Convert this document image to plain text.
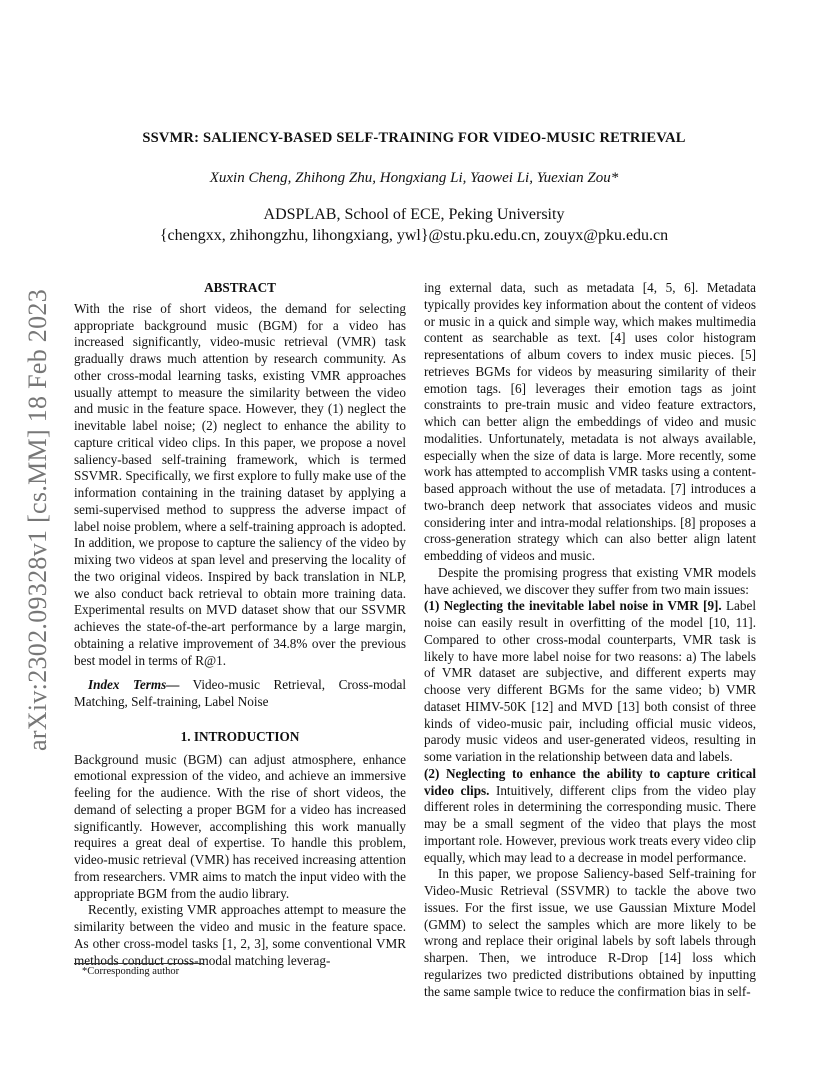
arXiv:2302.09328v1 [cs.MM] 18 Feb 2023
SSVMR: SALIENCY-BASED SELF-TRAINING FOR VIDEO-MUSIC RETRIEVAL
Xuxin Cheng, Zhihong Zhu, Hongxiang Li, Yaowei Li, Yuexian Zou*
ADSPLAB, School of ECE, Peking University
{chengxx, zhihongzhu, lihongxiang, ywl}@stu.pku.edu.cn, zouyx@pku.edu.cn

ABSTRACT

With the rise of short videos, the demand for selecting appropriate background music (BGM) for a video has increased significantly, video-music retrieval (VMR) task gradually draws much attention by research community. As other cross-modal learning tasks, existing VMR approaches usually attempt to measure the similarity between the video and music in the feature space. However, they (1) neglect the inevitable label noise; (2) neglect to enhance the ability to capture critical video clips. In this paper, we propose a novel saliency-based self-training framework, which is termed SSVMR. Specifically, we first explore to fully make use of the information containing in the training dataset by applying a semi-supervised method to suppress the adverse impact of label noise problem, where a self-training approach is adopted. In addition, we propose to capture the saliency of the video by mixing two videos at span level and preserving the locality of the two original videos. Inspired by back translation in NLP, we also conduct back retrieval to obtain more training data. Experimental results on MVD dataset show that our SSVMR achieves the state-of-the-art performance by a large margin, obtaining a relative improvement of 34.8% over the previous best model in terms of R@1.

Index Terms— Video-music Retrieval, Cross-modal Matching, Self-training, Label Noise

1. INTRODUCTION

Background music (BGM) can adjust atmosphere, enhance emotional expression of the video, and achieve an immersive feeling for the audience. With the rise of short videos, the demand of selecting a proper BGM for a video has increased significantly. However, accomplishing this work manually requires a great deal of expertise. To handle this problem, video-music retrieval (VMR) has received increasing attention from researchers. VMR aims to match the input video with the appropriate BGM from the audio library.

Recently, existing VMR approaches attempt to measure the similarity between the video and music in the feature space. As other cross-model tasks [1, 2, 3], some conventional VMR methods conduct cross-modal matching leverag-

*Corresponding author

ing external data, such as metadata [4, 5, 6]. Metadata typically provides key information about the content of videos or music in a quick and simple way, which makes multimedia content as searchable as text. [4] uses color histogram representations of album covers to index music pieces. [5] retrieves BGMs for videos by measuring similarity of their emotion tags. [6] leverages their emotion tags as joint constraints to pre-train music and video feature extractors, which can better align the embeddings of video and music modalities. Unfortunately, metadata is not always available, especially when the size of data is large. More recently, some work has attempted to accomplish VMR tasks using a content-based approach without the use of metadata. [7] introduces a two-branch deep network that associates videos and music considering inter and intra-modal relationships. [8] proposes a cross-generation strategy which can also better align latent embedding of videos and music.

Despite the promising progress that existing VMR models have achieved, we discover they suffer from two main issues:

(1) Neglecting the inevitable label noise in VMR [9]. Label noise can easily result in overfitting of the model [10, 11]. Compared to other cross-modal counterparts, VMR task is likely to have more label noise for two reasons: a) The labels of VMR dataset are subjective, and different experts may choose very different BGMs for the same video; b) VMR dataset HIMV-50K [12] and MVD [13] both consist of three kinds of video-music pair, including official music videos, parody music videos and user-generated videos, resulting in some variation in the relationship between data and labels.

(2) Neglecting to enhance the ability to capture critical video clips. Intuitively, different clips from the video play different roles in determining the corresponding music. There may be a small segment of the video that plays the most important role. However, previous work treats every video clip equally, which may lead to a decrease in model performance.

In this paper, we propose Saliency-based Self-training for Video-Music Retrieval (SSVMR) to tackle the above two issues. For the first issue, we use Gaussian Mixture Model (GMM) to select the samples which are more likely to be wrong and replace their original labels by soft labels through sharpen. Then, we introduce R-Drop [14] loss which regularizes two predicted distributions obtained by inputting the same sample twice to reduce the confirmation bias in self-
